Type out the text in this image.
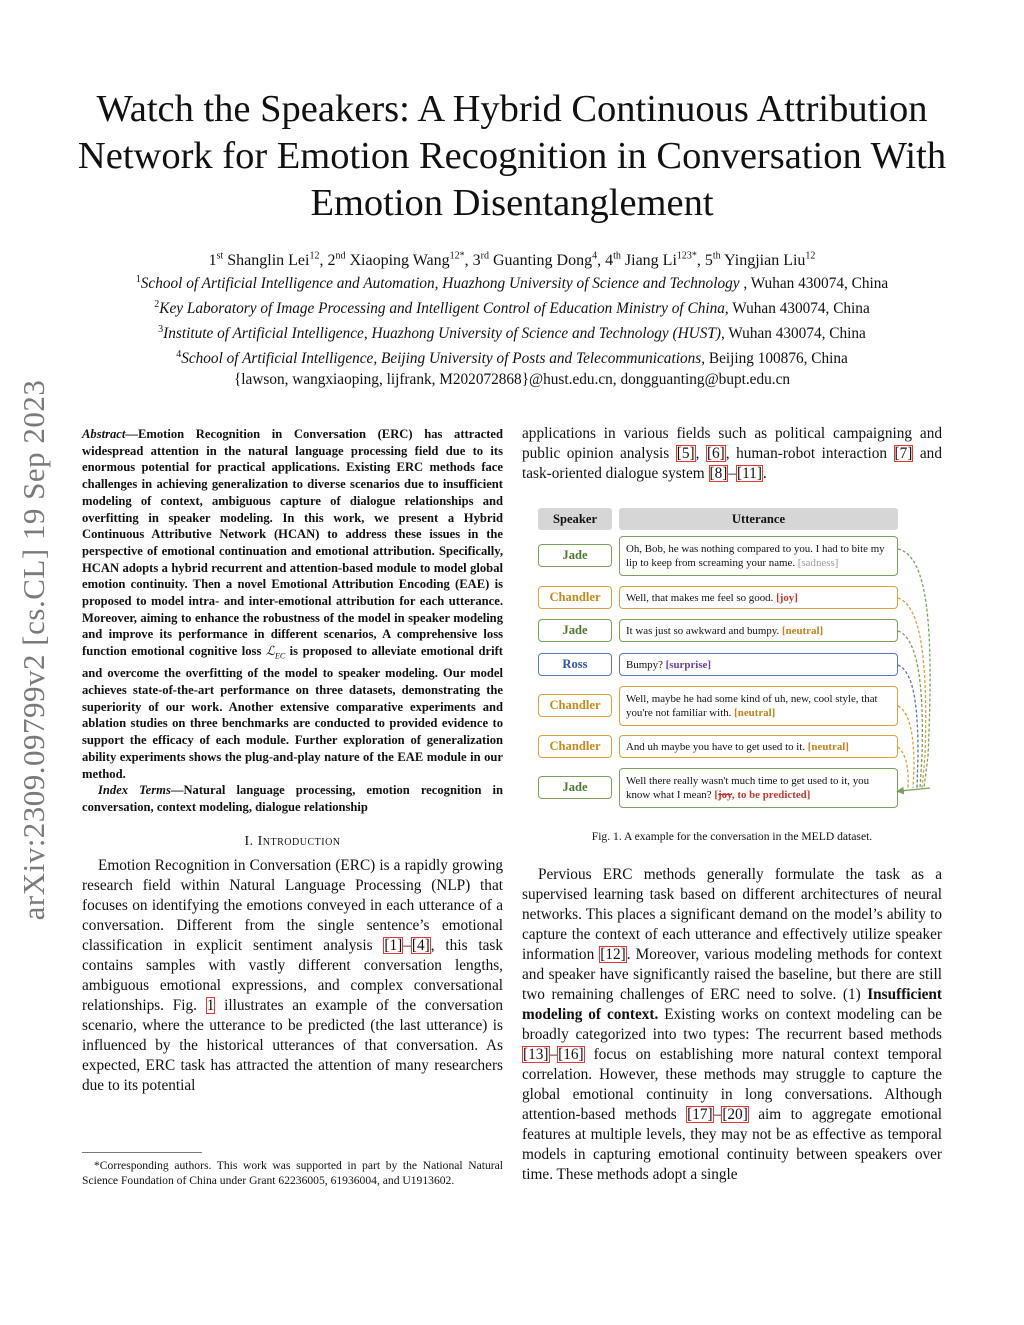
arXiv:2309.09799v2 [cs.CL] 19 Sep 2023
Watch the Speakers: A Hybrid Continuous Attribution Network for Emotion Recognition in Conversation With Emotion Disentanglement
1st Shanglin Lei$^{12}$, 2nd Xiaoping Wang$^{12*}$, 3rd Guanting Dong$^4$, 4th Jiang $Li^{123*}$, 5th Yingjian Liu$^{12}$
$^1$School of Artificial Intelligence and Automation, Huazhong University of Science and Technology , Wuhan 430074, China
$^2$Key Laboratory of Image Processing and Intelligent Control of Education Ministry of China, Wuhan 430074, China
$^3$Institute of Artificial Intelligence, Huazhong University of Science and Technology (HUST), Wuhan 430074, China
$^4$School of Artificial Intelligence, Beijing University of Posts and Telecommunications, Beijing 100876, China
{lawson, wangxiaoping, lijfrank, M202072868}@hust.edu.cn, dongguanting@bupt.edu.cn

Abstract—Emotion Recognition in Conversation (ERC) has attracted widespread attention in the natural language processing field due to its enormous potential for practical applications. Existing ERC methods face challenges in achieving generalization to diverse scenarios due to insufficient modeling of context, ambiguous capture of dialogue relationships and overfitting in speaker modeling. In this work, we present a Hybrid Continuous Attributive Network (HCAN) to address these issues in the perspective of emotional continuation and emotional attribution. Specifically, HCAN adopts a hybrid recurrent and attention-based module to model global emotion continuity. Then a novel Emotional Attribution Encoding (EAE) is proposed to model intra- and inter-emotional attribution for each utterance. Moreover, aiming to enhance the robustness of the model in speaker modeling and improve its performance in different scenarios, A comprehensive loss function emotional cognitive loss ℒ$_{EC}$ is proposed to alleviate emotional drift and overcome the overfitting of the model to speaker modeling. Our model achieves state-of-the-art performance on three datasets, demonstrating the superiority of our work. Another extensive comparative experiments and ablation studies on three benchmarks are conducted to provided evidence to support the efficacy of each module. Further exploration of generalization ability experiments shows the plug-and-play nature of the EAE module in our method.

Index Terms—Natural language processing, emotion recognition in conversation, context modeling, dialogue relationship

I. Introduction

Emotion Recognition in Conversation (ERC) is a rapidly growing research field within Natural Language Processing (NLP) that focuses on identifying the emotions conveyed in each utterance of a conversation. Different from the single sentence’s emotional classification in explicit sentiment analysis [1]–[4], this task contains samples with vastly different conversation lengths, ambiguous emotional expressions, and complex conversational relationships. Fig. 1 illustrates an example of the conversation scenario, where the utterance to be predicted (the last utterance) is influenced by the historical utterances of that conversation. As expected, ERC task has attracted the attention of many researchers due to its potential

*Corresponding authors. This work was supported in part by the National Natural Science Foundation of China under Grant 62236005, 61936004, and U1913602.

applications in various fields such as political campaigning and public opinion analysis [5], [6], human-robot interaction [7] and task-oriented dialogue system [8]–[11].

Speaker	Utterance
Jade	Oh, Bob, he was nothing compared to you. I had to bite my lip to keep from screaming your name. [sadness]
Chandler	Well, that makes me feel so good. [joy]
Jade	It was just so awkward and bumpy. [neutral]
Ross	Bumpy? [surprise]
Chandler	Well, maybe he had some kind of uh, new, cool style, that you're not familiar with. [neutral]
Chandler	And uh maybe you have to get used to it. [neutral]
Jade	Well there really wasn't much time to get used to it, you know what I mean? [joy, to be predicted]
Fig. 1. A example for the conversation in the MELD dataset.

Pervious ERC methods generally formulate the task as a supervised learning task based on different architectures of neural networks. This places a significant demand on the model’s ability to capture the context of each utterance and effectively utilize speaker information [12]. Moreover, various modeling methods for context and speaker have significantly raised the baseline, but there are still two remaining challenges of ERC need to solve. (1) Insufficient modeling of context. Existing works on context modeling can be broadly categorized into two types: The recurrent based methods [13]–[16] focus on establishing more natural context temporal correlation. However, these methods may struggle to capture the global emotional continuity in long conversations. Although attention-based methods [17]–[20] aim to aggregate emotional features at multiple levels, they may not be as effective as temporal models in capturing emotional continuity between speakers over time. These methods adopt a single
